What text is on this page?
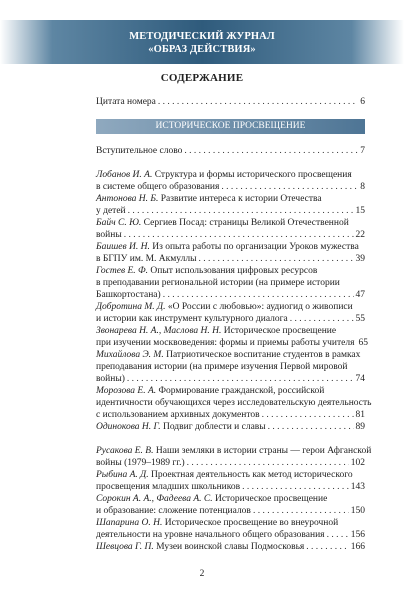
МЕТОДИЧЕСКИЙ ЖУРНАЛ
«ОБРАЗ ДЕЙСТВИЯ»
СОДЕРЖАНИЕ
Цитата номера . . .	6
ИСТОРИЧЕСКОЕ ПРОСВЕЩЕНИЕ
Вступительное слово . . .	7
Лобанов И. А.
Структура и формы исторического просвещения
в системе общего образования . . .	8
Антонова Н. Б.
Развитие интереса к истории Отечества
у детей . . .	15
Байч С. Ю.
Сергиев Посад: страницы Великой Отечественной
войны . . .	22
Баишев И. Н.
Из опыта работы по организации Уроков мужества
в БГПУ им. М. Акмуллы . . .	39
Гостев Е. Ф.
Опыт использования цифровых ресурсов
в преподавании региональной истории (на примере истории
Башкортостана) . . .	47
Добротина М. Д.
«О России с любовью»: аудиогид о живописи
и истории как инструмент культурного диалога . . .	55
Звонарева Н. А., Маслова Н. Н.
Историческое просвещение
при изучении москвоведения: формы и приемы работы учителя 65
Михайлова Э. М.
Патриотическое воспитание студентов в рамках
преподавания истории (на примере изучения Первой мировой
войны) . . .	74
Морозова Е. А.
Формирование гражданской, российской
идентичности обучающихся через исследовательскую деятельность
с использованием архивных документов . . .	81
Одинокова Н. Г.
Подвиг доблести и славы . . .	89
Русакова Е. В.
Наши земляки в истории страны — герои Афганской
войны (1979–1989 гг.) . . .	102
Рыбина А. Д.
Проектная деятельность как метод исторического
просвещения младших школьников . . .	143
Сорокин А. А., Фадеева А. С.
Историческое просвещение
и образование: сложение потенциалов . . .	150
Шапарина О. Н.
Историческое просвещение во внеурочной
деятельности на уровне начального общего образования . . .	156
Шевцова Г. П.
Музеи воинской славы Подмосковья . . .	166
2
